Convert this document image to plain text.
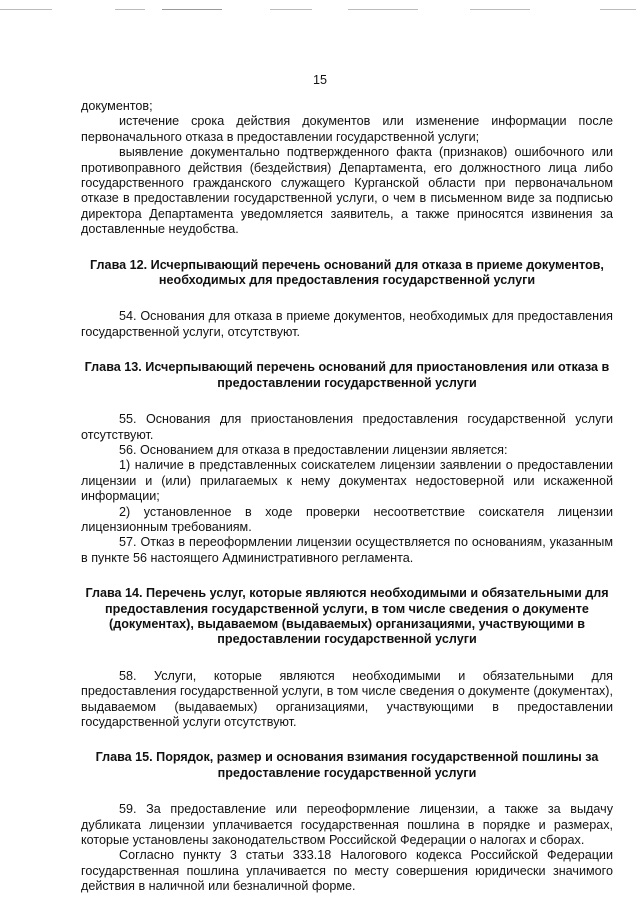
15

документов;

истечение срока действия документов или изменение информации после первоначального отказа в предоставлении государственной услуги;

выявление документально подтвержденного факта (признаков) ошибочного или противоправного действия (бездействия) Департамента, его должностного лица либо государственного гражданского служащего Курганской области при первоначальном отказе в предоставлении государственной услуги, о чем в письменном виде за подписью директора Департамента уведомляется заявитель, а также приносятся извинения за доставленные неудобства.

Глава 12. Исчерпывающий перечень оснований для отказа в приеме документов, необходимых для предоставления государственной услуги

54. Основания для отказа в приеме документов, необходимых для предоставления государственной услуги, отсутствуют.

Глава 13. Исчерпывающий перечень оснований для приостановления или отказа в предоставлении государственной услуги

55. Основания для приостановления предоставления государственной услуги отсутствуют.

56. Основанием для отказа в предоставлении лицензии является:

1) наличие в представленных соискателем лицензии заявлении о предоставлении лицензии и (или) прилагаемых к нему документах недостоверной или искаженной информации;

2) установленное в ходе проверки несоответствие соискателя лицензии лицензионным требованиям.

57. Отказ в переоформлении лицензии осуществляется по основаниям, указанным в пункте 56 настоящего Административного регламента.

Глава 14. Перечень услуг, которые являются необходимыми и обязательными для предоставления государственной услуги, в том числе сведения о документе (документах), выдаваемом (выдаваемых) организациями, участвующими в предоставлении государственной услуги

58. Услуги, которые являются необходимыми и обязательными для предоставления государственной услуги, в том числе сведения о документе (документах), выдаваемом (выдаваемых) организациями, участвующими в предоставлении государственной услуги отсутствуют.

Глава 15. Порядок, размер и основания взимания государственной пошлины за предоставление государственной услуги

59. За предоставление или переоформление лицензии, а также за выдачу дубликата лицензии уплачивается государственная пошлина в порядке и размерах, которые установлены законодательством Российской Федерации о налогах и сборах.

Согласно пункту 3 статьи 333.18 Налогового кодекса Российской Федерации государственная пошлина уплачивается по месту совершения юридически значимого действия в наличной или безналичной форме.
